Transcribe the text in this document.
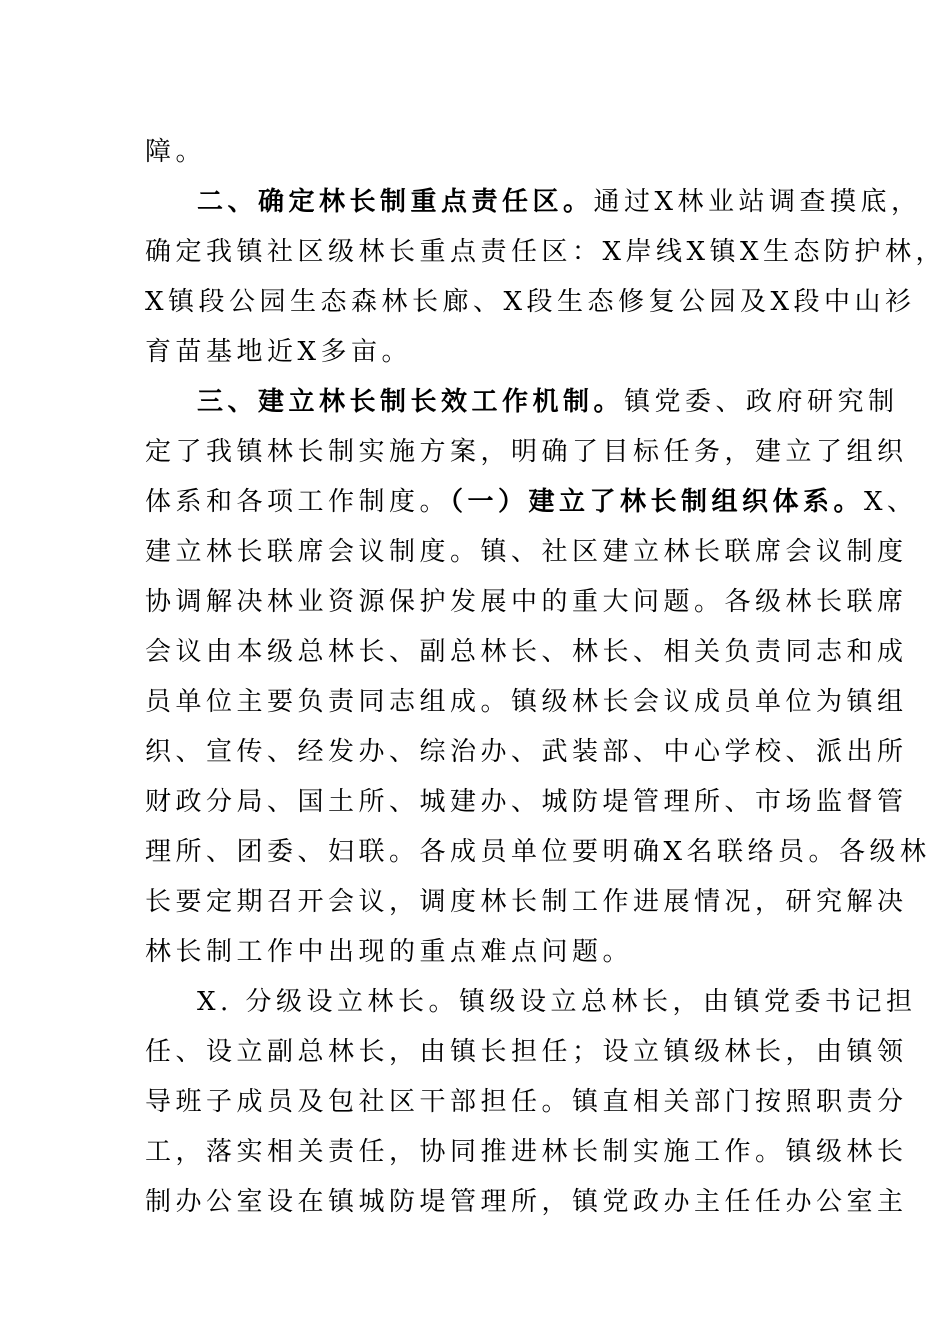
障。
二、确定林长制重点责任区。通过X林业站调查摸底，
确定我镇社区级林长重点责任区：X岸线X镇X生态防护林，
X镇段公园生态森林长廊、X段生态修复公园及X段中山衫
育苗基地近X多亩。
三、建立林长制长效工作机制。镇党委、政府研究制
定了我镇林长制实施方案，明确了目标任务，建立了组织
体系和各项工作制度。（一）建立了林长制组织体系。X、
建立林长联席会议制度。镇、社区建立林长联席会议制度
协调解决林业资源保护发展中的重大问题。各级林长联席
会议由本级总林长、副总林长、林长、相关负责同志和成
员单位主要负责同志组成。镇级林长会议成员单位为镇组
织、宣传、经发办、综治办、武装部、中心学校、派出所
财政分局、国土所、城建办、城防堤管理所、市场监督管
理所、团委、妇联。各成员单位要明确X名联络员。各级林
长要定期召开会议，调度林长制工作进展情况，研究解决
林长制工作中出现的重点难点问题。
X. 分级设立林长。镇级设立总林长，由镇党委书记担
任、设立副总林长，由镇长担任；设立镇级林长，由镇领
导班子成员及包社区干部担任。镇直相关部门按照职责分
工，落实相关责任，协同推进林长制实施工作。镇级林长
制办公室设在镇城防堤管理所，镇党政办主任任办公室主
